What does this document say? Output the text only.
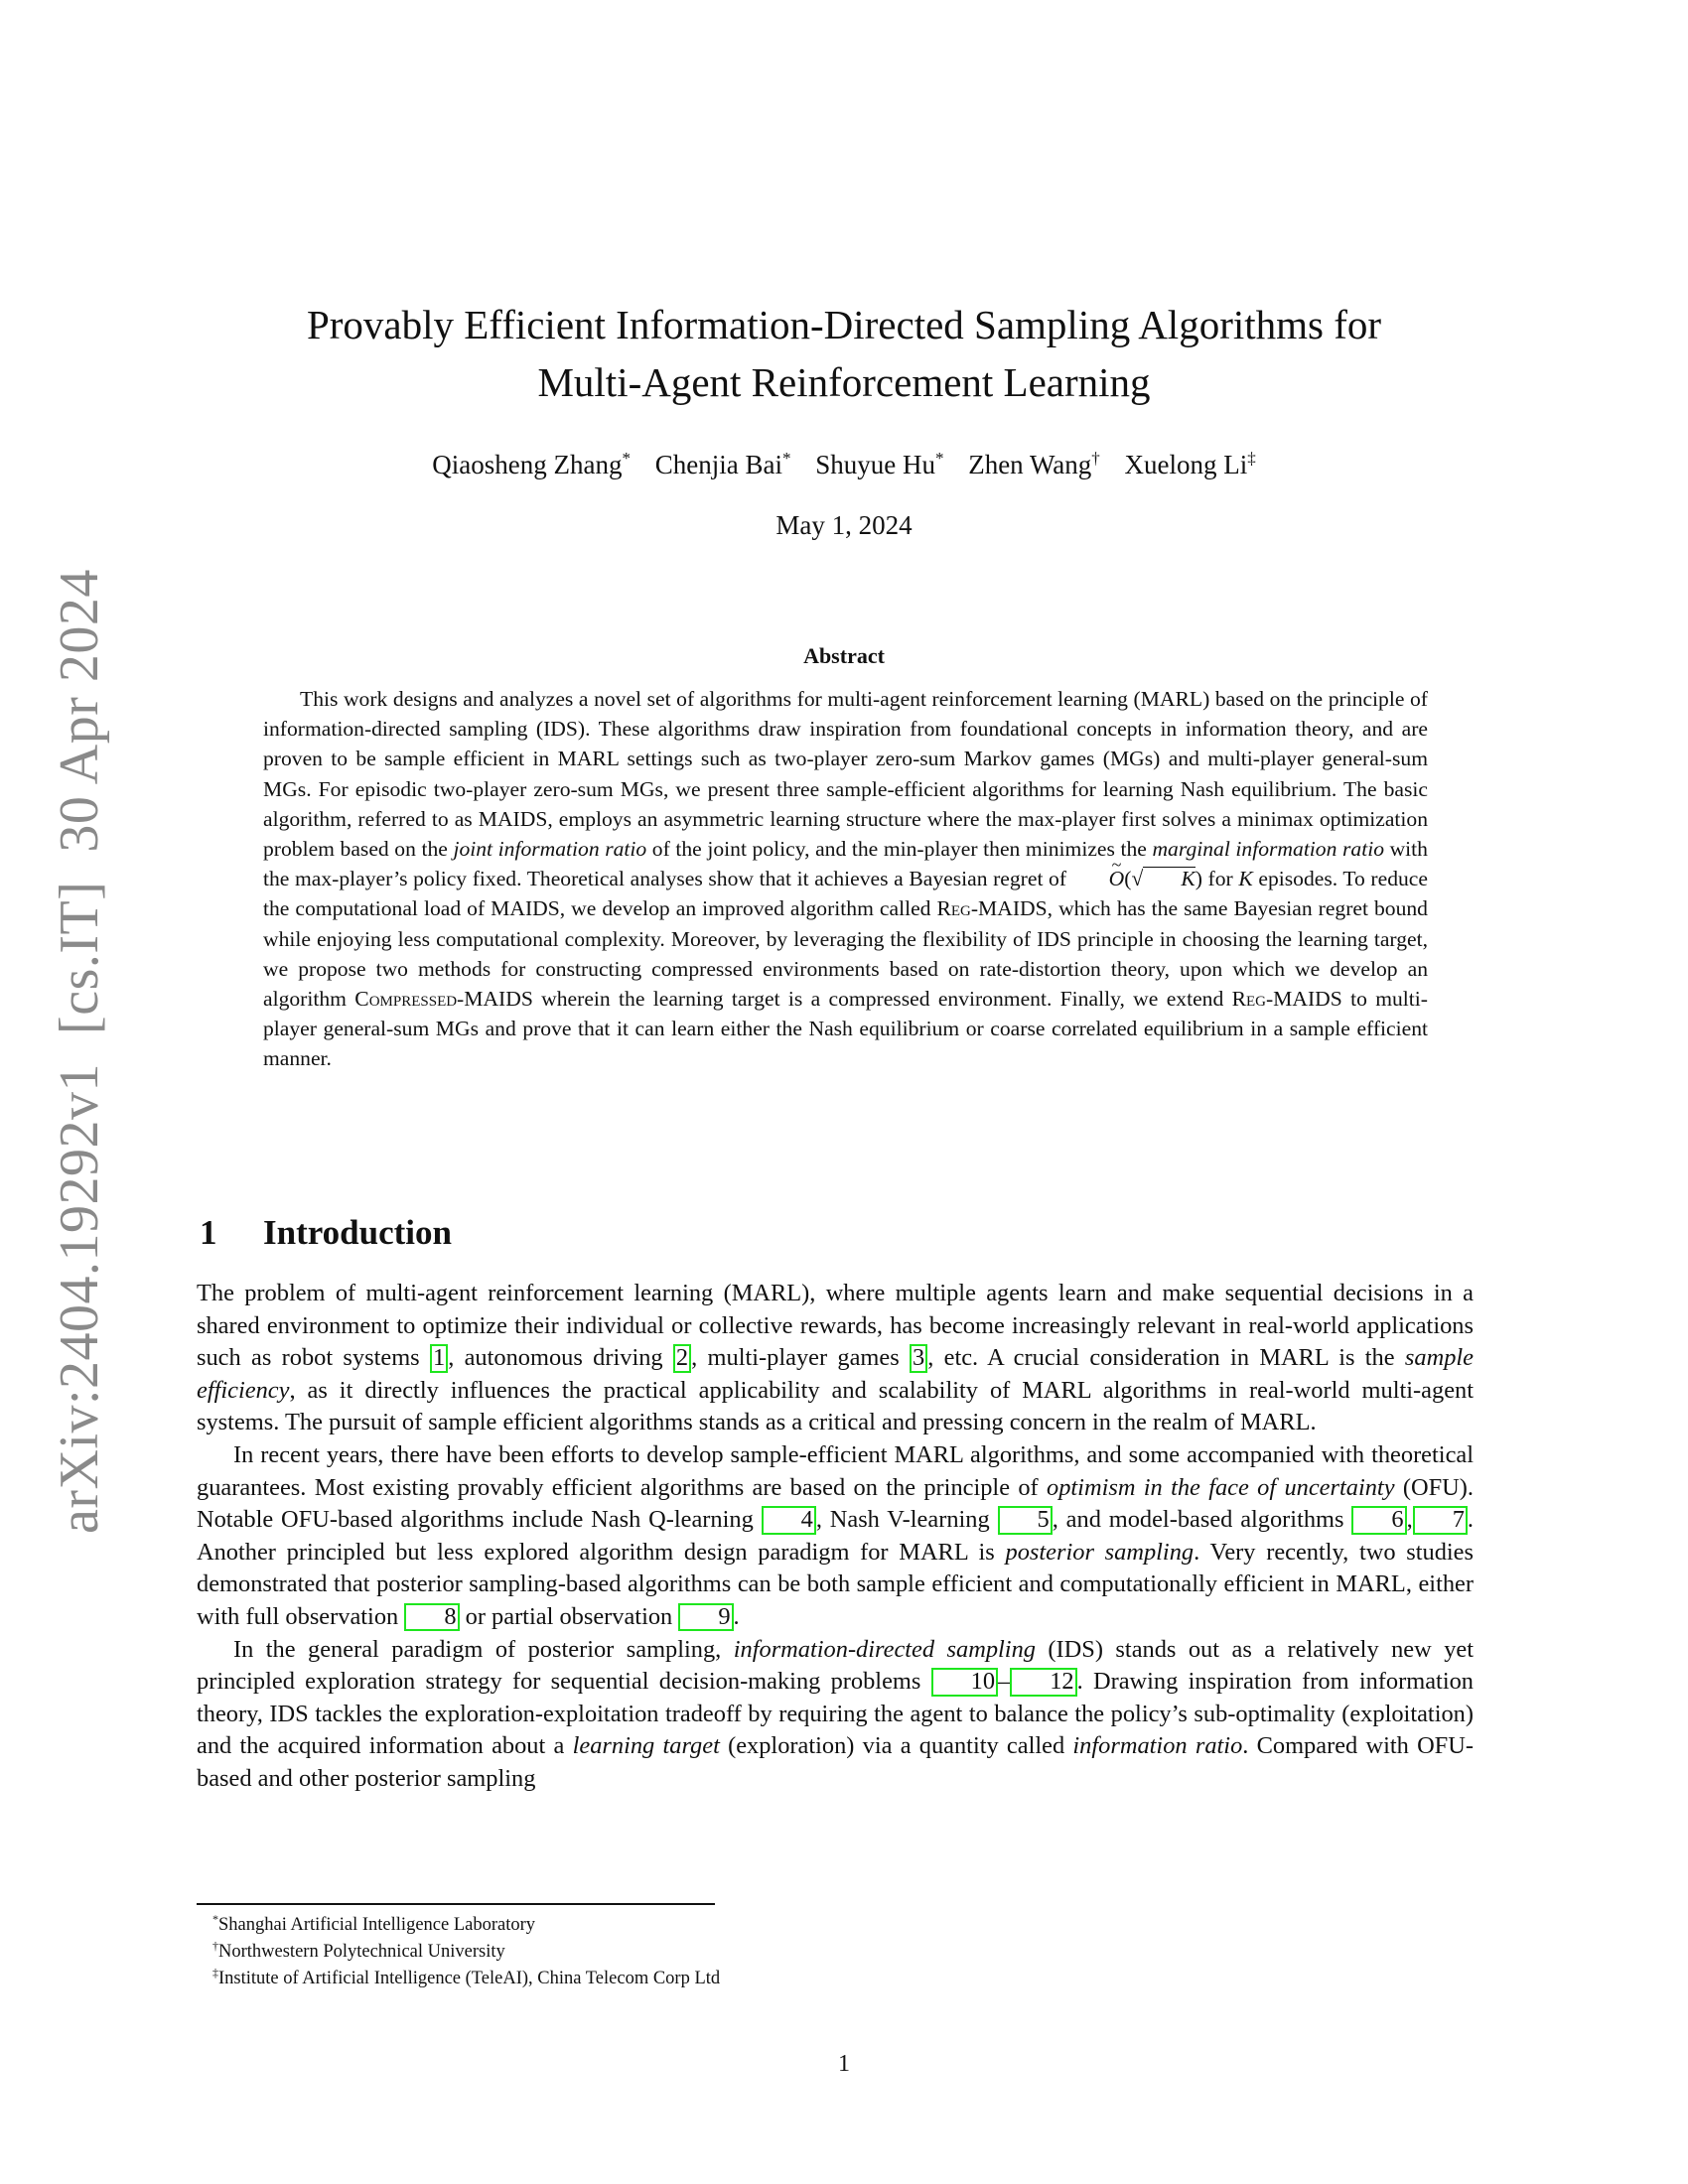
arXiv:2404.19292v1  [cs.IT]  30 Apr 2024
Provably Efficient Information-Directed Sampling Algorithms for
Multi-Agent Reinforcement Learning
Qiaosheng Zhang* Chenjia Bai* Shuyue Hu* Zhen Wang† Xuelong Li‡
May 1, 2024
Abstract

This work designs and analyzes a novel set of algorithms for multi-agent reinforcement learning (MARL) based on the principle of information-directed sampling (IDS). These algorithms draw inspiration from foundational concepts in information theory, and are proven to be sample efficient in MARL settings such as two-player zero-sum Markov games (MGs) and multi-player general-sum MGs. For episodic two-player zero-sum MGs, we present three sample-efficient algorithms for learning Nash equilibrium. The basic algorithm, referred to as MAIDS, employs an asymmetric learning structure where the max-player first solves a minimax optimization problem based on the joint information ratio of the joint policy, and the min-player then minimizes the marginal information ratio with the max-player’s policy fixed. Theoretical analyses show that it achieves a Bayesian regret of ~ O(√ K) for K episodes. To reduce the computational load of MAIDS, we develop an improved algorithm called Reg-MAIDS, which has the same Bayesian regret bound while enjoying less computational complexity. Moreover, by leveraging the flexibility of IDS principle in choosing the learning target, we propose two methods for constructing compressed environments based on rate-distortion theory, upon which we develop an algorithm Compressed-MAIDS wherein the learning target is a compressed environment. Finally, we extend Reg-MAIDS to multi-player general-sum MGs and prove that it can learn either the Nash equilibrium or coarse correlated equilibrium in a sample efficient manner.

1 Introduction

The problem of multi-agent reinforcement learning (MARL), where multiple agents learn and make sequential decisions in a shared environment to optimize their individual or collective rewards, has become increasingly relevant in real-world applications such as robot systems 1 , autonomous driving 2 , multi-player games 3 , etc. A crucial consideration in MARL is the sample efficiency, as it directly influences the practical applicability and scalability of MARL algorithms in real-world multi-agent systems. The pursuit of sample efficient algorithms stands as a critical and pressing concern in the realm of MARL.

In recent years, there have been efforts to develop sample-efficient MARL algorithms, and some accompanied with theoretical guarantees. Most existing provably efficient algorithms are based on the principle of optimism in the face of uncertainty (OFU). Notable OFU-based algorithms include Nash Q-learning 4 , Nash V-learning 5 , and model-based algorithms 6 , 7 . Another principled but less explored algorithm design paradigm for MARL is posterior sampling. Very recently, two studies demonstrated that posterior sampling-based algorithms can be both sample efficient and computationally efficient in MARL, either with full observation 8 or partial observation 9 .

In the general paradigm of posterior sampling, information-directed sampling (IDS) stands out as a relatively new yet principled exploration strategy for sequential decision-making problems 10 – 12 . Drawing inspiration from information theory, IDS tackles the exploration-exploitation tradeoff by requiring the agent to balance the policy’s sub-optimality (exploitation) and the acquired information about a learning target (exploration) via a quantity called information ratio. Compared with OFU-based and other posterior sampling

*Shanghai Artificial Intelligence Laboratory
†Northwestern Polytechnical University
‡Institute of Artificial Intelligence (TeleAI), China Telecom Corp Ltd
1
